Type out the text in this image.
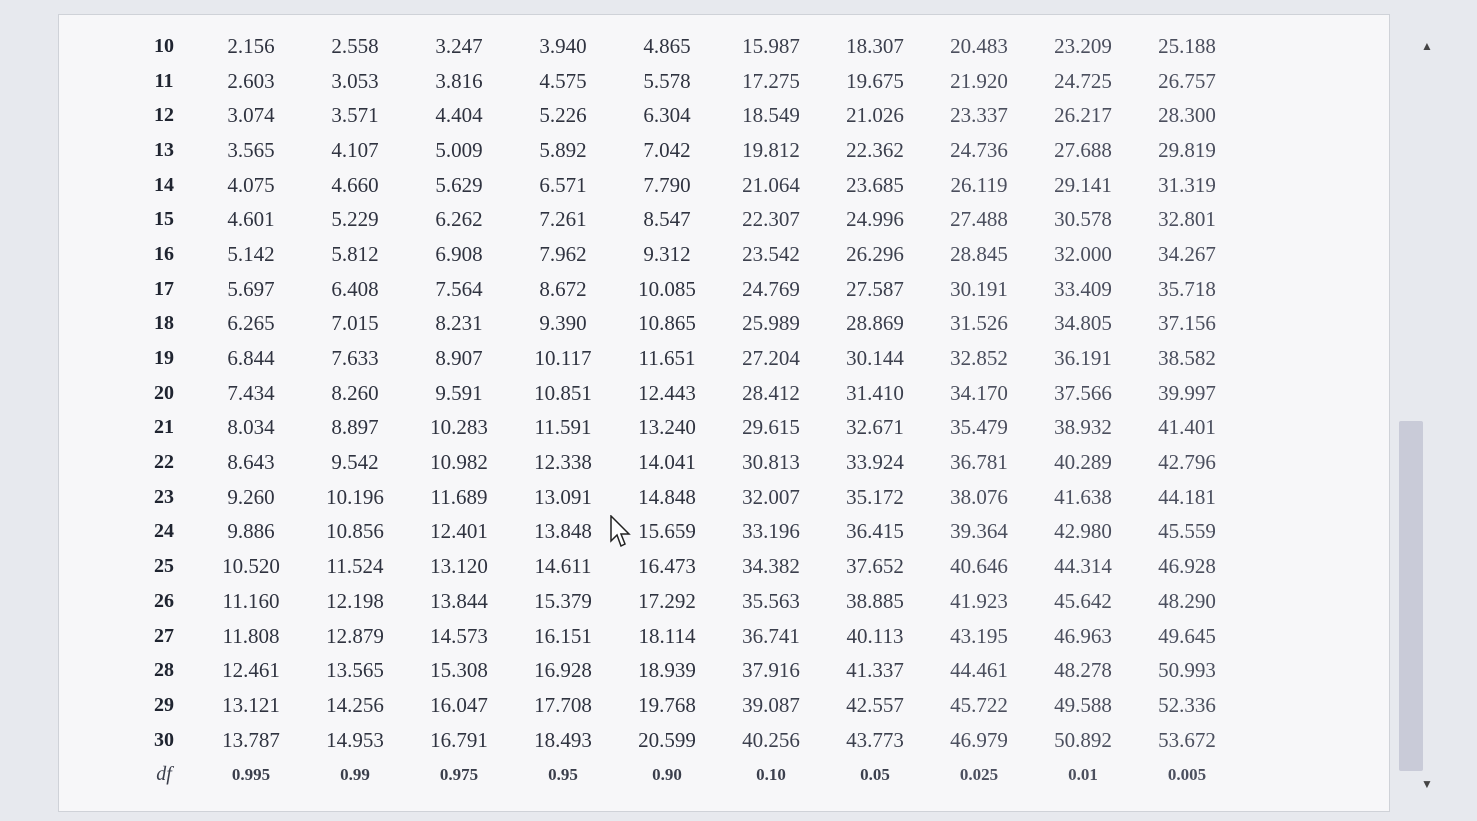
10	2.156	2.558	3.247	3.940	4.865	15.987	18.307	20.483	23.209	25.188
11	2.603	3.053	3.816	4.575	5.578	17.275	19.675	21.920	24.725	26.757
12	3.074	3.571	4.404	5.226	6.304	18.549	21.026	23.337	26.217	28.300
13	3.565	4.107	5.009	5.892	7.042	19.812	22.362	24.736	27.688	29.819
14	4.075	4.660	5.629	6.571	7.790	21.064	23.685	26.119	29.141	31.319
15	4.601	5.229	6.262	7.261	8.547	22.307	24.996	27.488	30.578	32.801
16	5.142	5.812	6.908	7.962	9.312	23.542	26.296	28.845	32.000	34.267
17	5.697	6.408	7.564	8.672	10.085	24.769	27.587	30.191	33.409	35.718
18	6.265	7.015	8.231	9.390	10.865	25.989	28.869	31.526	34.805	37.156
19	6.844	7.633	8.907	10.117	11.651	27.204	30.144	32.852	36.191	38.582
20	7.434	8.260	9.591	10.851	12.443	28.412	31.410	34.170	37.566	39.997
21	8.034	8.897	10.283	11.591	13.240	29.615	32.671	35.479	38.932	41.401
22	8.643	9.542	10.982	12.338	14.041	30.813	33.924	36.781	40.289	42.796
23	9.260	10.196	11.689	13.091	14.848	32.007	35.172	38.076	41.638	44.181
24	9.886	10.856	12.401	13.848	15.659	33.196	36.415	39.364	42.980	45.559
25	10.520	11.524	13.120	14.611	16.473	34.382	37.652	40.646	44.314	46.928
26	11.160	12.198	13.844	15.379	17.292	35.563	38.885	41.923	45.642	48.290
27	11.808	12.879	14.573	16.151	18.114	36.741	40.113	43.195	46.963	49.645
28	12.461	13.565	15.308	16.928	18.939	37.916	41.337	44.461	48.278	50.993
29	13.121	14.256	16.047	17.708	19.768	39.087	42.557	45.722	49.588	52.336
30	13.787	14.953	16.791	18.493	20.599	40.256	43.773	46.979	50.892	53.672
df	0.995	0.99	0.975	0.95	0.90	0.10	0.05	0.025	0.01	0.005
▲
▼
